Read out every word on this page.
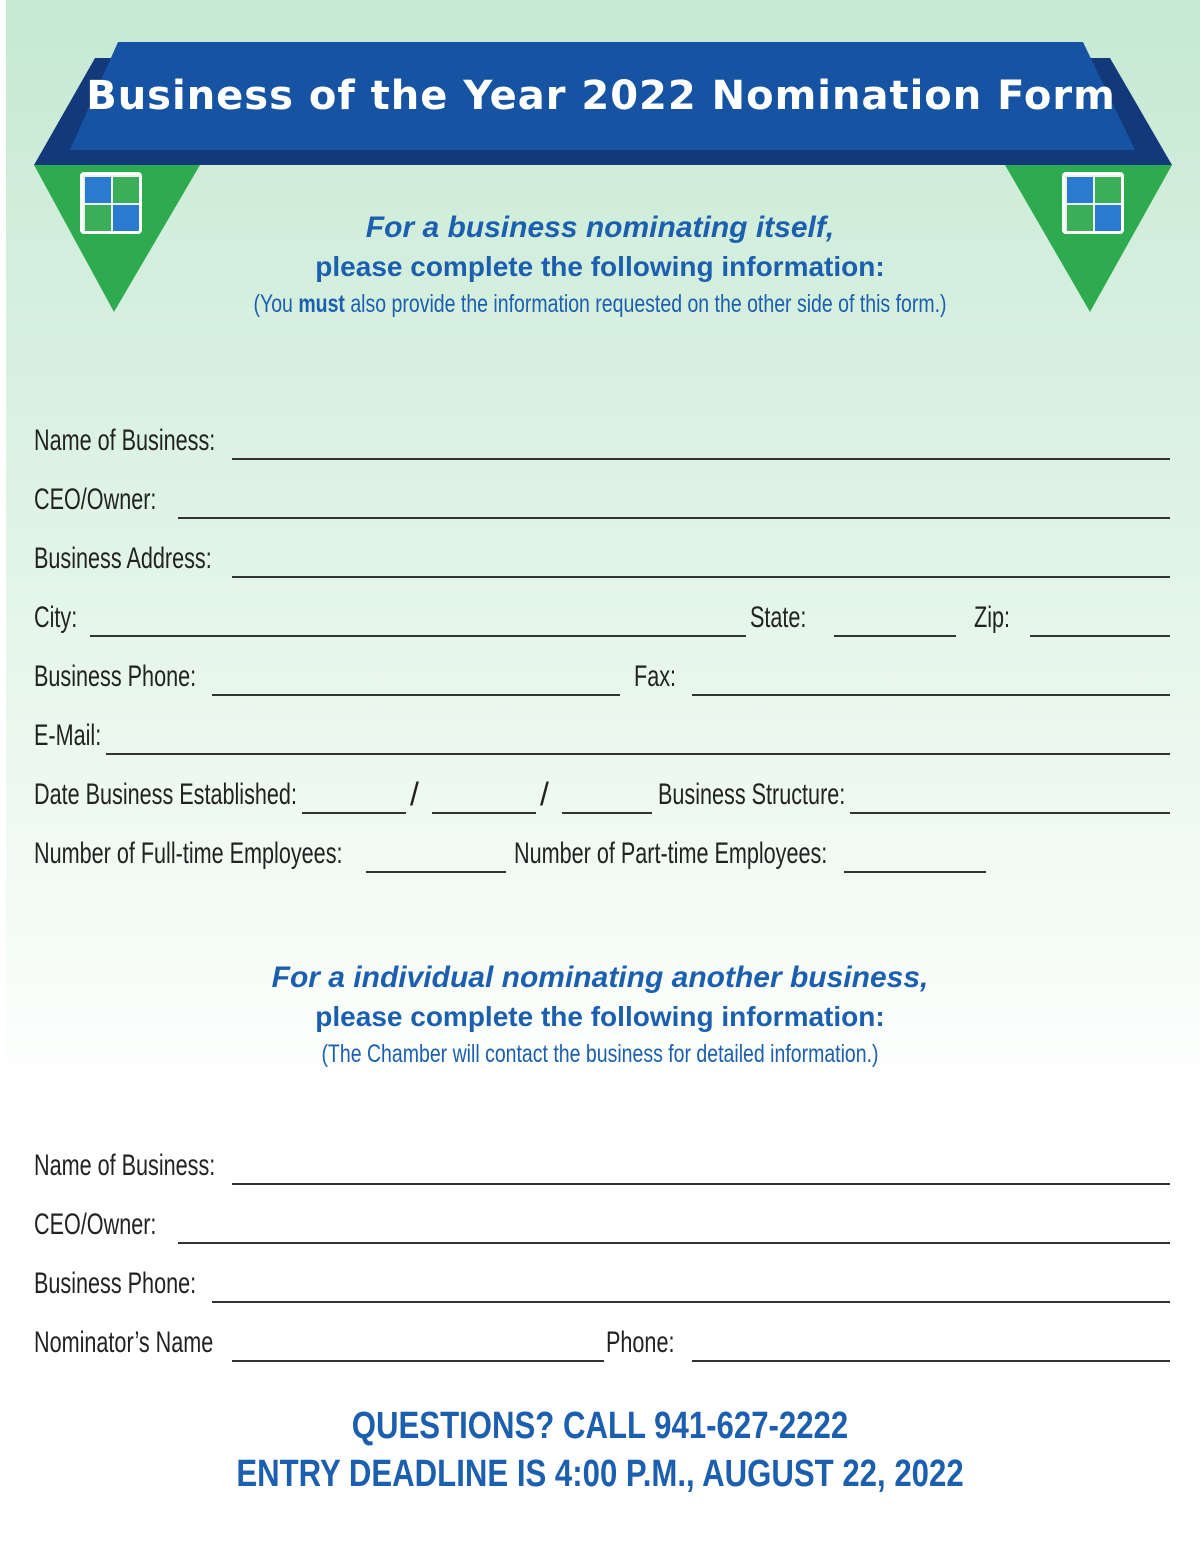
Business of the Year 2022 Nomination Form
For a business nominating itself,
please complete the following information:
(You must also provide the information requested on the other side of this form.)
Name of Business:
CEO/Owner:
Business Address:
City:	State:	Zip:
Business Phone:	Fax:
E-Mail:
Date Business Established:	/	/	Business Structure:
Number of Full-time Employees:	Number of Part-time Employees:
For a individual nominating another business,
please complete the following information:
(The Chamber will contact the business for detailed information.)
Name of Business:
CEO/Owner:
Business Phone:
Nominator’s Name	Phone:
QUESTIONS? CALL 941-627-2222
ENTRY DEADLINE IS 4:00 P.M., AUGUST 22, 2022
